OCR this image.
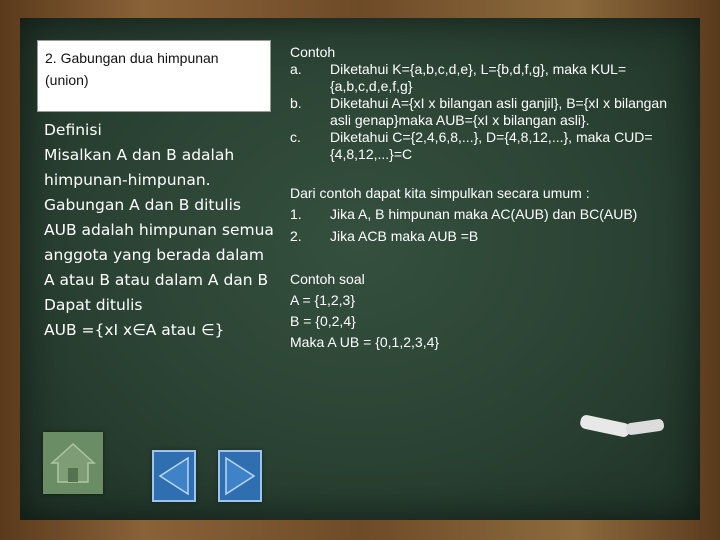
2. Gabungan dua himpunan
(union)

Definisi

Misalkan A dan B adalah himpunan-himpunan. Gabungan A dan B ditulis AUB adalah himpunan semua anggota yang berada dalam A atau B atau dalam A dan B

Dapat ditulis

AUB ={xI x∈A atau ∈}

Contoh

a.	Diketahui K={a,b,c,d,e}, L={b,d,f,g}, maka KUL={a,b,c,d,e,f,g}
b.	Diketahui A={xI x bilangan asli ganjil}, B={xI x bilangan asli genap}maka AUB={xI x bilangan asli}.
c.	Diketahui C={2,4,6,8,...}, D={4,8,12,...}, maka CUD={4,8,12,...}=C

Dari contoh dapat kita simpulkan secara umum :

1.	Jika A, B himpunan maka AC(AUB) dan BC(AUB)
2.	Jika ACB maka AUB =B

Contoh soal

A = {1,2,3}

B = {0,2,4}

Maka A UB = {0,1,2,3,4}
